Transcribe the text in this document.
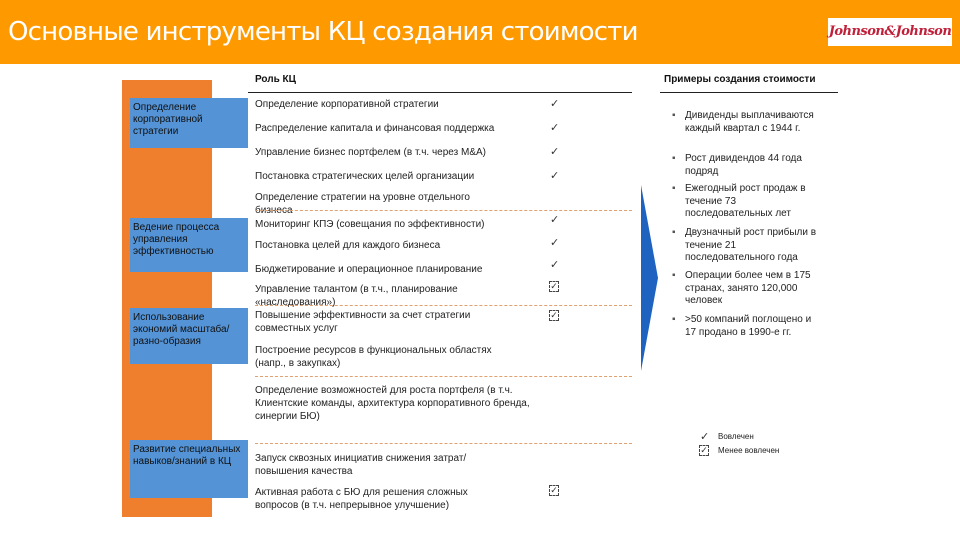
Основные инструменты КЦ создания стоимости	Johnson&Johnson
Определение корпоративной стратегии
Ведение процесса управления эффективностью
Использование экономий масштаба/разно-образия
Развитие специальных навыков/знаний в КЦ
Роль КЦ	Примеры создания стоимости
Определение корпоративной стратегии
Распределение капитала и финансовая поддержка
Управление бизнес портфелем (в т.ч. через M&A)
Постановка стратегических целей организации
Определение стратегии на уровне отдельного бизнеса
Мониторинг КПЭ (совещания по эффективности)
Постановка целей для каждого бизнеса
Бюджетирование и операционное планирование
Управление талантом (в т.ч., планирование «наследования»)
Повышение эффективности за счет стратегии совместных услуг
Построение ресурсов в функциональных областях (напр., в закупках)
Определение возможностей для роста портфеля (в т.ч. Клиентские команды, архитектура корпоративного бренда, синергии БЮ)
Запуск сквозных инициатив снижения затрат/повышения качества
Активная работа с БЮ для решения сложных вопросов (в т.ч. непрерывное улучшение)
✓
✓
✓
✓
✓
✓
✓
✓
✓
✓
▪ Дивиденды выплачиваются каждый квартал с 1944 г.
▪ Рост дивидендов 44 года подряд
▪ Ежегодный рост продаж в течение 73 последовательных лет
▪ Двузначный рост прибыли в течение 21 последовательного года
▪ Операции более чем в 175 странах, занято 120,000 человек
▪ >50 компаний поглощено и 17 продано в 1990-е гг.
✓ Вовлечен
✓ Менее вовлечен
